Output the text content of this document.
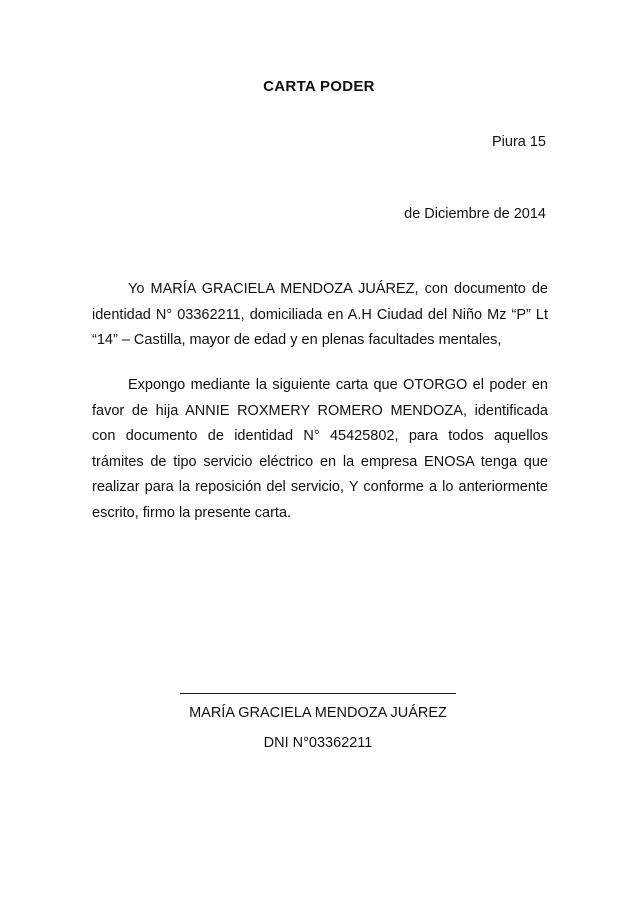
CARTA PODER
Piura 15
de Diciembre de 2014

Yo MARÍA GRACIELA MENDOZA JUÁREZ, con documento de identidad N° 03362211, domiciliada en A.H Ciudad del Niño Mz “P” Lt “14” – Castilla, mayor de edad y en plenas facultades mentales,

Expongo mediante la siguiente carta que OTORGO el poder en favor de hija ANNIE ROXMERY ROMERO MENDOZA, identificada con documento de identidad N° 45425802, para todos aquellos trámites de tipo servicio eléctrico en la empresa ENOSA tenga que realizar para la reposición del servicio, Y conforme a lo anteriormente escrito, firmo la presente carta.

MARÍA GRACIELA MENDOZA JUÁREZ
DNI N°03362211
